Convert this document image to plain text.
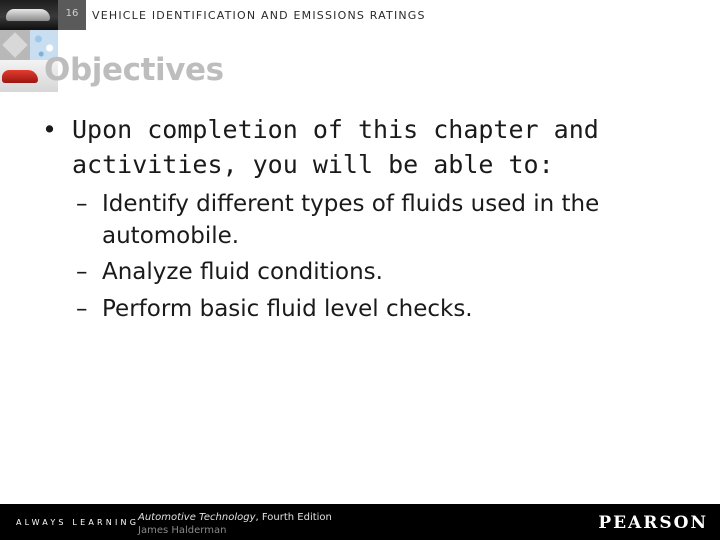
16	VEHICLE IDENTIFICATION AND EMISSIONS RATINGS
Objectives
• Upon completion of this chapter and activities, you will be able to:
– Identify different types of fluids used in the automobile.
– Analyze fluid conditions.
– Perform basic fluid level checks.
ALWAYS LEARNING
Automotive Technology, Fourth Edition
James Halderman	PEARSON
